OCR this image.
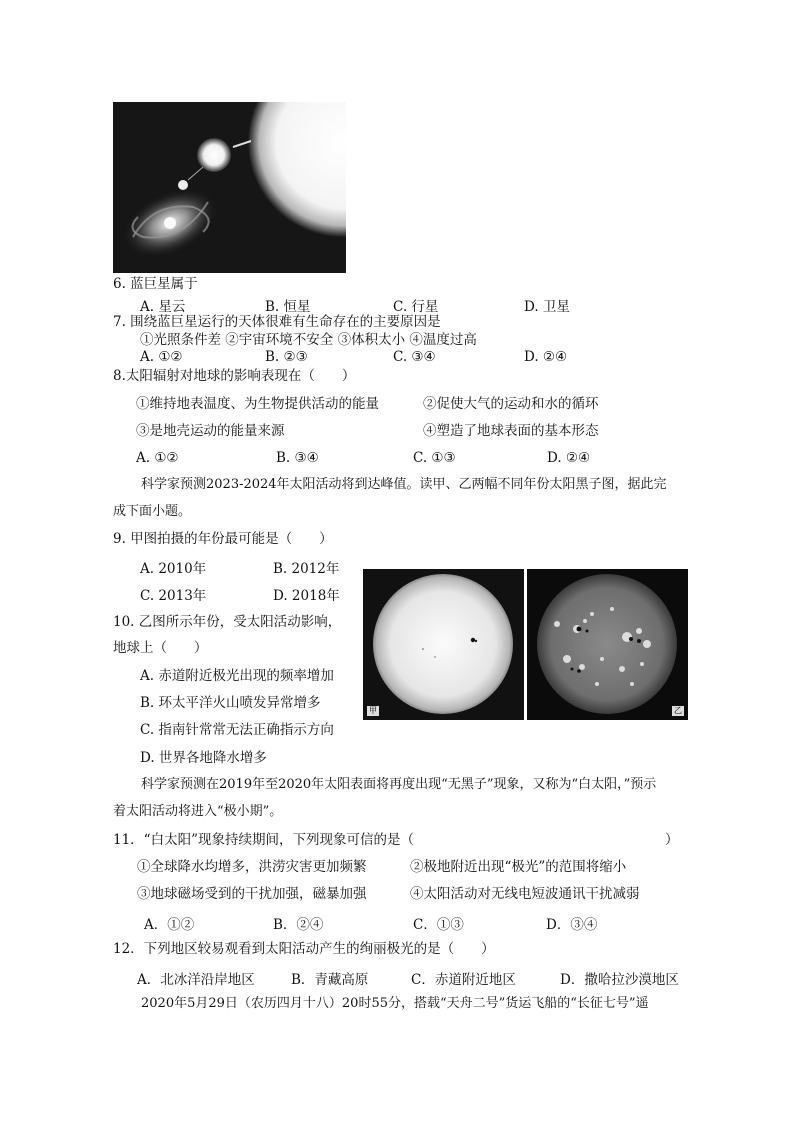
6. 蓝巨星属于
A. 星云	B. 恒星	C. 行星	D. 卫星
7. 围绕蓝巨星运行的天体很难有生命存在的主要原因是
①光照条件差 ②宇宙环境不安全 ③体积太小 ④温度过高
A. ①②	B. ②③	C. ③④	D. ②④
8.太阳辐射对地球的影响表现在（　　）
①维持地表温度、为生物提供活动的能量	②促使大气的运动和水的循环
③是地壳运动的能量来源	④塑造了地球表面的基本形态
A. ①②	B. ③④	C. ①③	D. ②④
科学家预测2023-2024年太阳活动将到达峰值。读甲、乙两幅不同年份太阳黑子图，据此完
成下面小题。
9. 甲图拍摄的年份最可能是（　　）
A. 2010年	B. 2012年
C. 2013年	D. 2018年
10. 乙图所示年份，受太阳活动影响，
地球上（　　）
A. 赤道附近极光出现的频率增加
B. 环太平洋火山喷发异常增多
C. 指南针常常无法正确指示方向
D. 世界各地降水增多
甲	乙
科学家预测在2019年至2020年太阳表面将再度出现“无黑子”现象，又称为“白太阳，”预示
着太阳活动将进入“极小期”。
11．“白太阳”现象持续期间，下列现象可信的是（	）
①全球降水均增多，洪涝灾害更加频繁	②极地附近出现“极光”的范围将缩小
③地球磁场受到的干扰加强，磁暴加强	④太阳活动对无线电短波通讯干扰减弱
A．①②	B．②④	C．①③	D．③④
12．下列地区较易观看到太阳活动产生的绚丽极光的是（　　）
A．北冰洋沿岸地区	B．青藏高原	C．赤道附近地区	D．撒哈拉沙漠地区
2020年5月29日（农历四月十八）20时55分，搭载“天舟二号”货运飞船的“长征七号”遥
